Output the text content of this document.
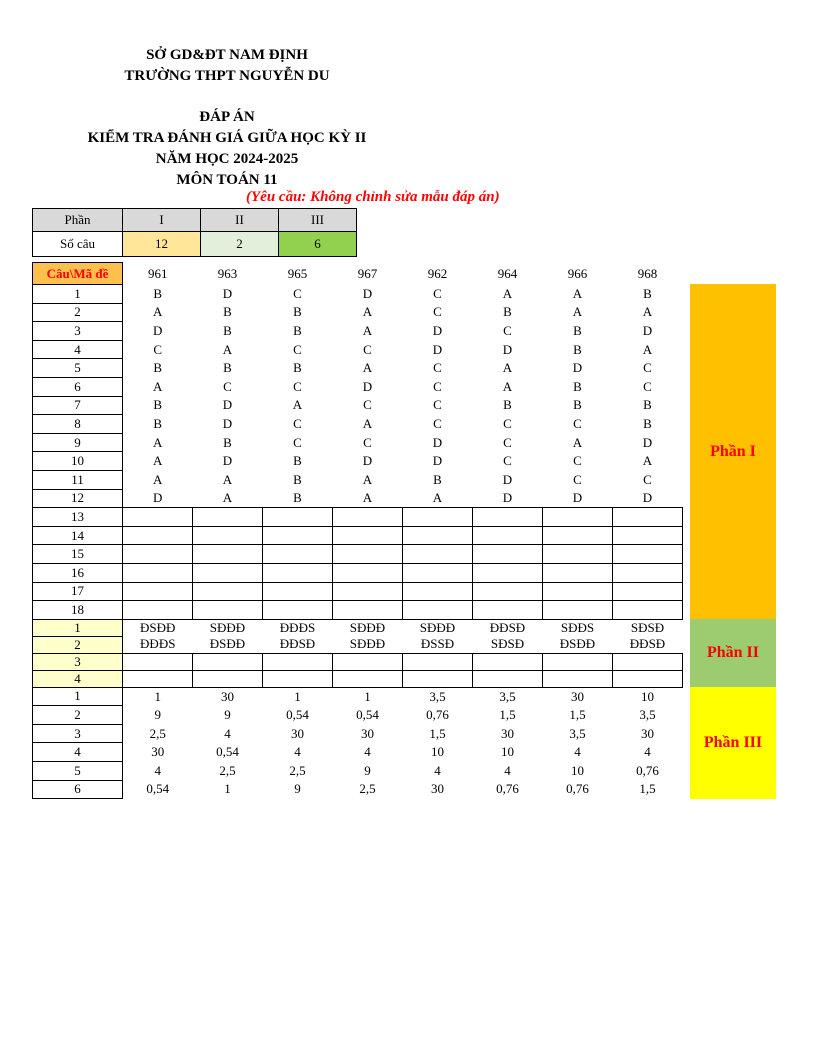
SỞ GD&ĐT NAM ĐỊNH
TRƯỜNG THPT NGUYỄN DU
ĐÁP ÁN
KIỂM TRA ĐÁNH GIÁ GIỮA HỌC KỲ II
NĂM HỌC 2024-2025
MÔN TOÁN 11
(Yêu cầu: Không chỉnh sửa mẫu đáp án)
Phần	I	II	III
Số câu	12	2	6
Câu\Mã đề	961	963	965	967	962	964	966	968
1	B	D	C	D	C	A	A	B
2	A	B	B	A	C	B	A	A
3	D	B	B	A	D	C	B	D
4	C	A	C	C	D	D	B	A
5	B	B	B	A	C	A	D	C
6	A	C	C	D	C	A	B	C
7	B	D	A	C	C	B	B	B
8	B	D	C	A	C	C	C	B
9	A	B	C	C	D	C	A	D
10	A	D	B	D	D	C	C	A
11	A	A	B	A	B	D	C	C
12	D	A	B	A	A	D	D	D
13								
14								
15								
16								
17								
18								
1	ĐSĐĐ	SĐĐĐ	ĐĐĐS	SĐĐĐ	SĐĐĐ	ĐĐSĐ	SĐĐS	SĐSĐ
2	ĐĐĐS	ĐSĐĐ	ĐĐSĐ	SĐĐĐ	ĐSSĐ	SĐSĐ	ĐSĐĐ	ĐĐSĐ
3								
4								
1	1	30	1	1	3,5	3,5	30	10
2	9	9	0,54	0,54	0,76	1,5	1,5	3,5
3	2,5	4	30	30	1,5	30	3,5	30
4	30	0,54	4	4	10	10	4	4
5	4	2,5	2,5	9	4	4	10	0,76
6	0,54	1	9	2,5	30	0,76	0,76	1,5
Phần I
Phần II
Phần III
